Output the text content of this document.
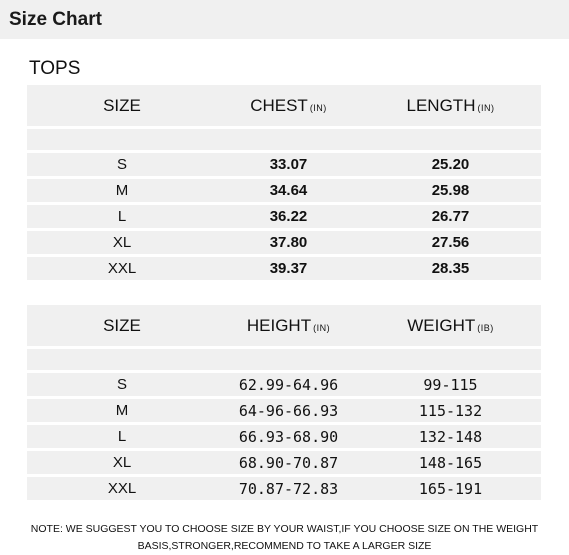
Size Chart
TOPS
SIZE	CHEST (IN)	LENGTH (IN)

S	33.07	25.20
M	34.64	25.98
L	36.22	26.77
XL	37.80	27.56
XXL	39.37	28.35
SIZE	HEIGHT (IN)	WEIGHT (IB)

S	62.99-64.96	99-115
M	64-96-66.93	115-132
L	66.93-68.90	132-148
XL	68.90-70.87	148-165
XXL	70.87-72.83	165-191
NOTE: WE SUGGEST YOU TO CHOOSE SIZE BY YOUR WAIST,IF YOU CHOOSE SIZE ON THE WEIGHT
BASIS,STRONGER,RECOMMEND TO TAKE A LARGER SIZE
